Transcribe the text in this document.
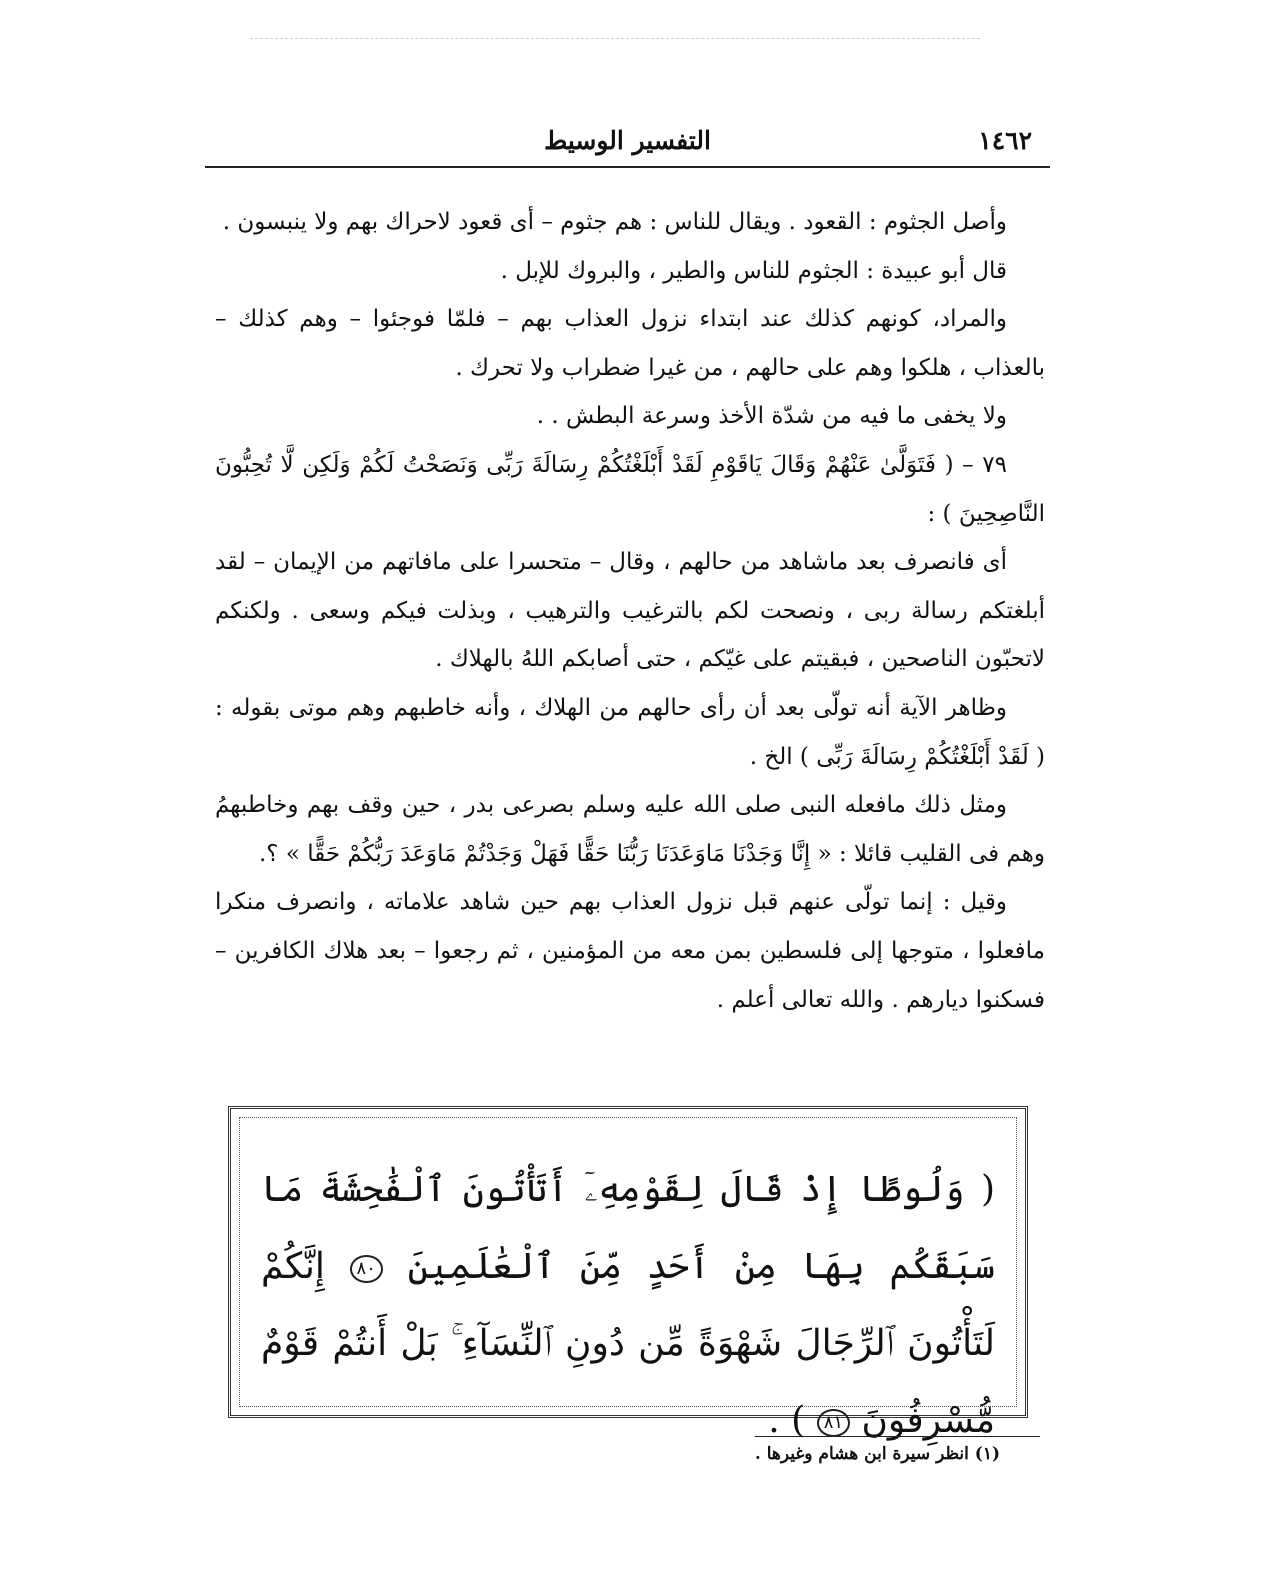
التفسير الوسيط	١٤٦٢

وأصل الجثوم : القعود . ويقال للناس : هم جثوم – أى قعود لاحراك بهم ولا ينبسون .

قال أبو عبيدة : الجثوم للناس والطير ، والبروك للإبل .

والمراد، كونهم كذلك عند ابتداء نزول العذاب بهم – فلمّا فوجئوا – وهم كذلك – بالعذاب ، هلكوا وهم على حالهم ، من غيرا ضطراب ولا تحرك .

ولا يخفى ما فيه من شدّة الأخذ وسرعة البطش . .

٧٩ – ( فَتَوَلَّىٰ عَنْهُمْ وَقَالَ يَاقَوْمِ لَقَدْ أَبْلَغْتُكُمْ رِسَالَةَ رَبِّى وَنَصَحْتُ لَكُمْ وَلَكِن لَّا تُحِبُّونَ النَّاصِحِينَ ) :

أى فانصرف بعد ماشاهد من حالهم ، وقال – متحسرا على مافاتهم من الإيمان – لقد أبلغتكم رسالة ربى ، ونصحت لكم بالترغيب والترهيب ، وبذلت فيكم وسعى . ولكنكم لاتحبّون الناصحين ، فبقيتم على غيّكم ، حتى أصابكم اللهُ بالهلاك .

وظاهر الآية أنه تولّى بعد أن رأى حالهم من الهلاك ، وأنه خاطبهم وهم موتى بقوله : ( لَقَدْ أَبْلَغْتُكُمْ رِسَالَةَ رَبِّى ) الخ .

ومثل ذلك مافعله النبى صلى الله عليه وسلم بصرعى بدر ، حين وقف بهم وخاطبهمُ وهم فى القليب قائلا : « إِنَّا وَجَدْنَا مَاوَعَدَنَا رَبُّنَا حَقًّا فَهَلْ وَجَدْتُمْ مَاوَعَدَ رَبُّكُمْ حَقًّا » ؟.

وقيل : إنما تولّى عنهم قبل نزول العذاب بهم حين شاهد علاماته ، وانصرف منكرا مافعلوا ، متوجها إلى فلسطين بمن معه من المؤمنين ، ثم رجعوا – بعد هلاك الكافرين – فسكنوا ديارهم . والله تعالى أعلم .

( وَلُوطًا إِذْ قَالَ لِقَوْمِهِۦٓ أَتَأْتُونَ ٱلْفَٰحِشَةَ مَا سَبَقَكُم بِهَا مِنْ أَحَدٍ مِّنَ ٱلْعَٰلَمِينَ ٨٠ إِنَّكُمْ لَتَأْتُونَ ٱلرِّجَالَ شَهْوَةً مِّن دُونِ ٱلنِّسَآءِ ۚ بَلْ أَنتُمْ قَوْمٌ مُّسْرِفُونَ ٨١ ) .
(١) انظر سيرة ابن هشام وغيرها .
